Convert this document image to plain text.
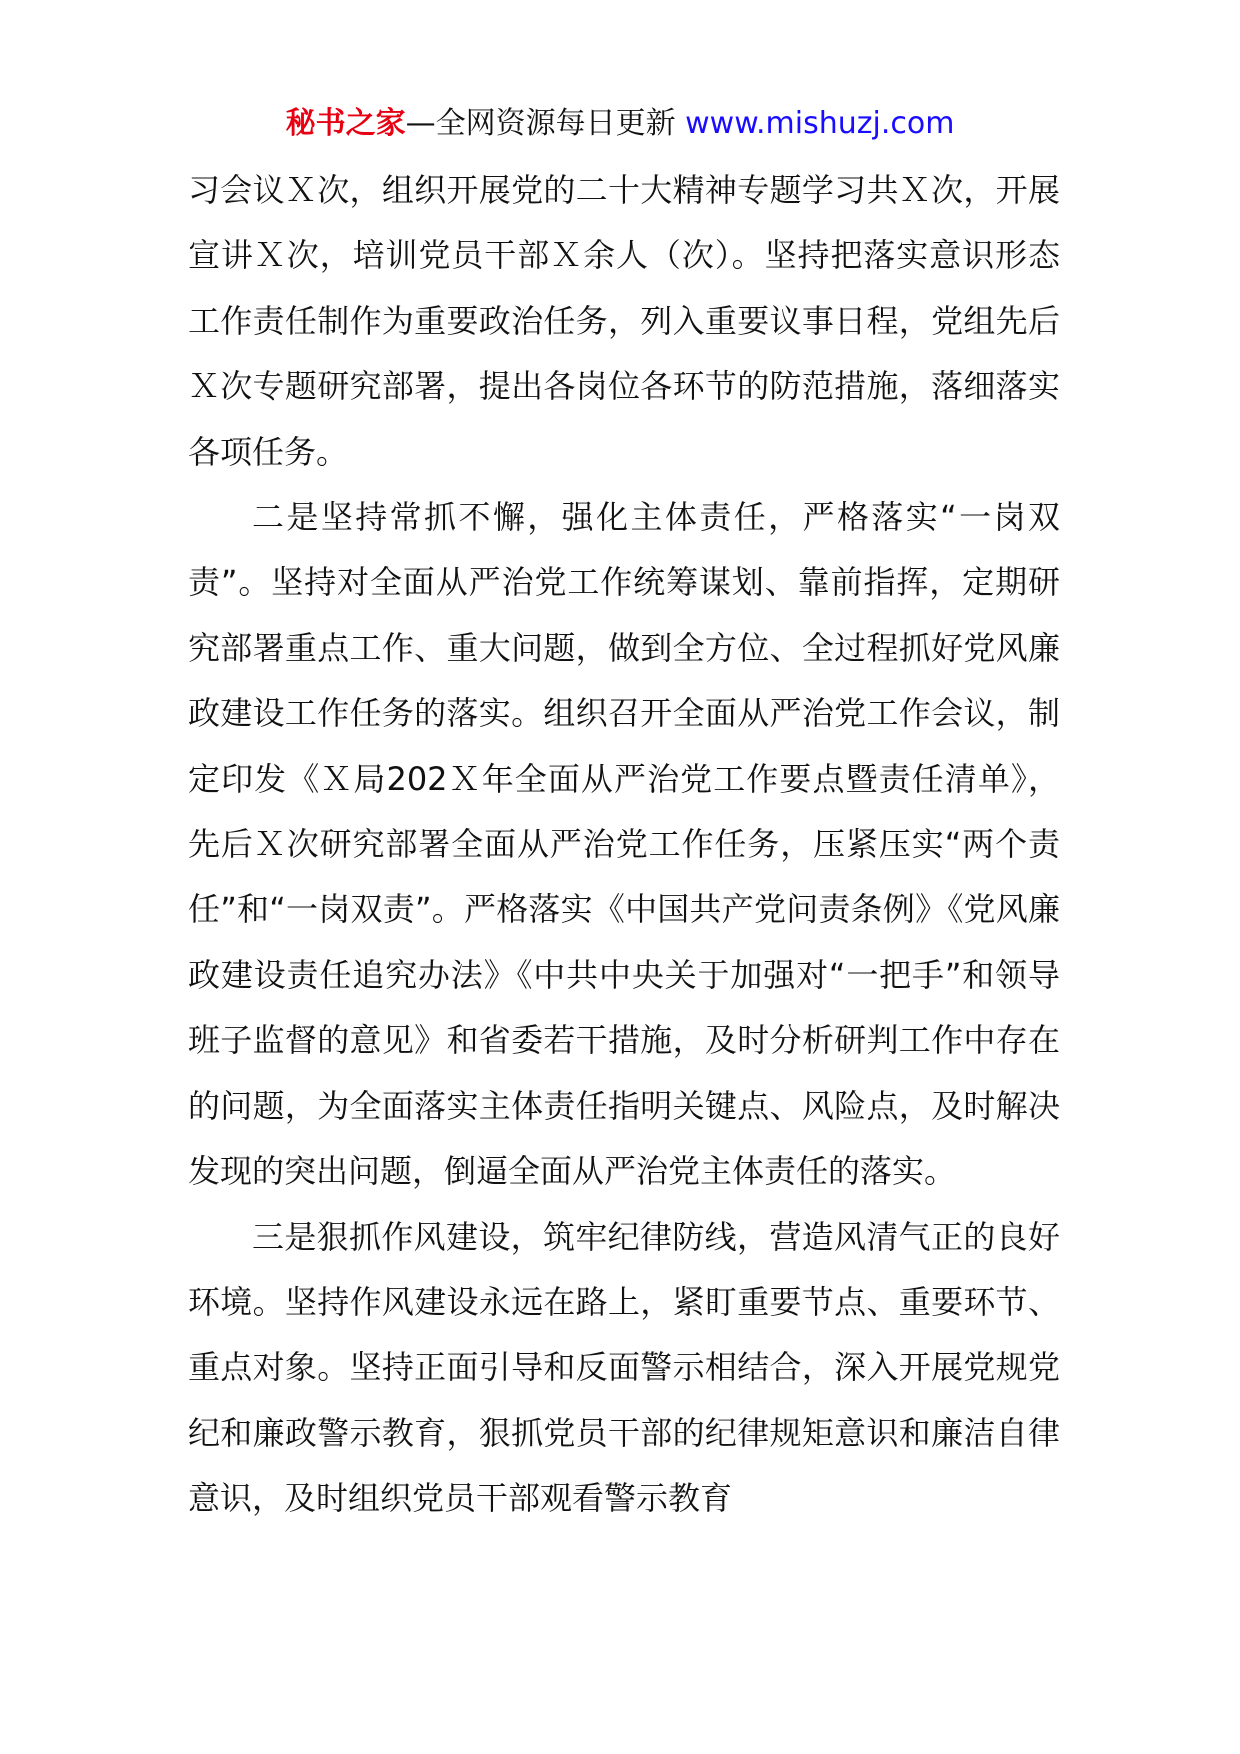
秘书之家—全网资源每日更新 www.mishuzj.com

习会议Ｘ次，组织开展党的二十大精神专题学习共Ｘ次，开展宣讲Ｘ次，培训党员干部Ｘ余人（次）。坚持把落实意识形态工作责任制作为重要政治任务，列入重要议事日程，党组先后Ｘ次专题研究部署，提出各岗位各环节的防范措施，落细落实各项任务。

二是坚持常抓不懈，强化主体责任，严格落实“一岗双责”。坚持对全面从严治党工作统筹谋划、靠前指挥，定期研究部署重点工作、重大问题，做到全方位、全过程抓好党风廉政建设工作任务的落实。组织召开全面从严治党工作会议，制定印发《Ｘ局202Ｘ年全面从严治党工作要点暨责任清单》，先后Ｘ次研究部署全面从严治党工作任务，压紧压实“两个责任”和“一岗双责”。严格落实《中国共产党问责条例》《党风廉政建设责任追究办法》《中共中央关于加强对“一把手”和领导班子监督的意见》和省委若干措施，及时分析研判工作中存在的问题，为全面落实主体责任指明关键点、风险点，及时解决发现的突出问题，倒逼全面从严治党主体责任的落实。

三是狠抓作风建设，筑牢纪律防线，营造风清气正的良好环境。坚持作风建设永远在路上，紧盯重要节点、重要环节、重点对象。坚持正面引导和反面警示相结合，深入开展党规党纪和廉政警示教育，狠抓党员干部的纪律规矩意识和廉洁自律意识，及时组织党员干部观看警示教育
